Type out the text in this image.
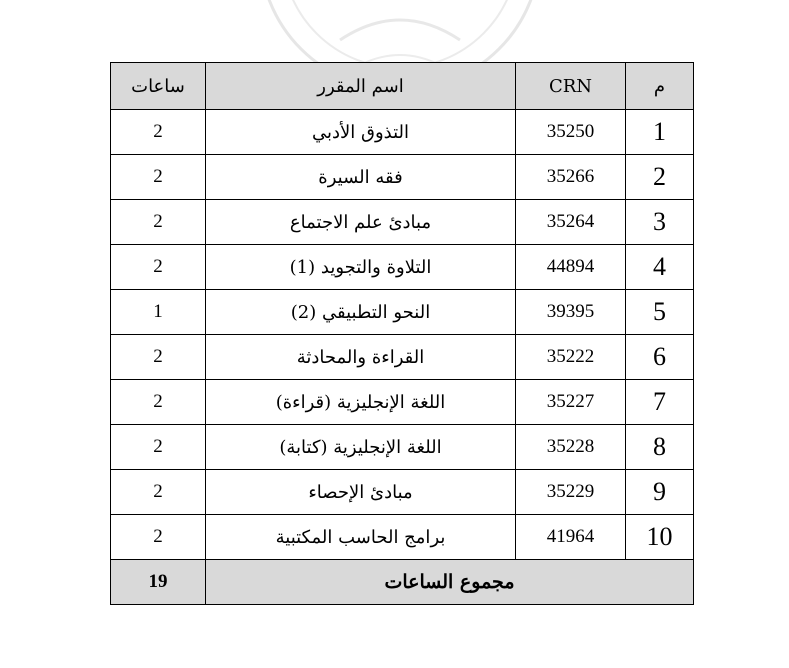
م	CRN	اسم المقرر	ساعات
1	35250	التذوق الأدبي	2
2	35266	فقه السيرة	2
3	35264	مبادئ علم الاجتماع	2
4	44894	التلاوة والتجويد (1)	2
5	39395	النحو التطبيقي (2)	1
6	35222	القراءة والمحادثة	2
7	35227	اللغة الإنجليزية (قراءة)	2
8	35228	اللغة الإنجليزية (كتابة)	2
9	35229	مبادئ الإحصاء	2
10	41964	برامج الحاسب المكتبية	2
مجموع الساعات			19
